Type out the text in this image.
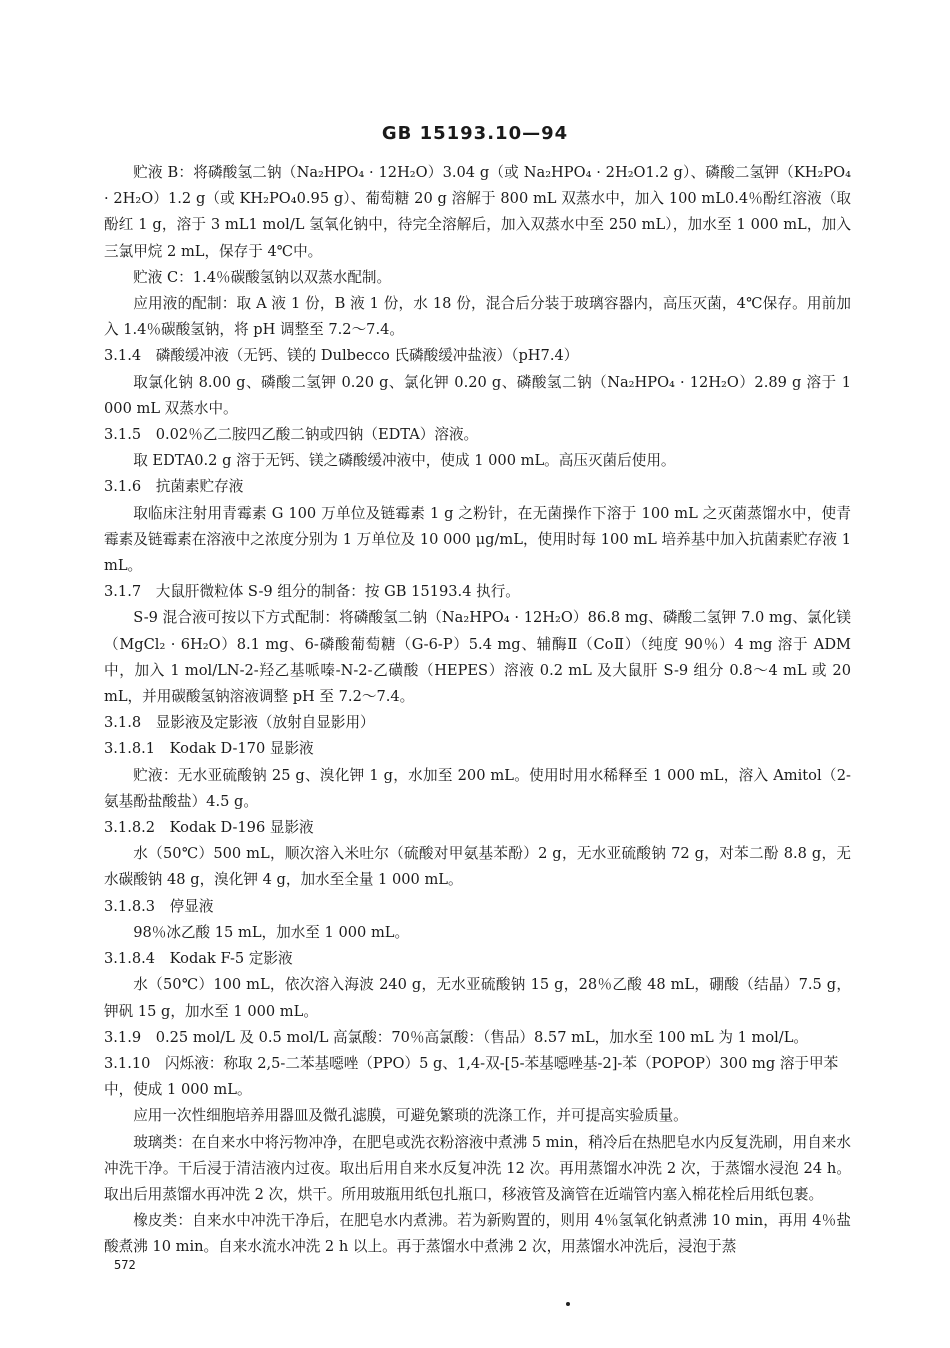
GB 15193.10—94

贮液 B：将磷酸氢二钠（Na₂HPO₄ · 12H₂O）3.04 g（或 Na₂HPO₄ · 2H₂O1.2 g）、磷酸二氢钾（KH₂PO₄ · 2H₂O）1.2 g（或 KH₂PO₄0.95 g）、葡萄糖 20 g 溶解于 800 mL 双蒸水中，加入 100 mL0.4％酚红溶液（取酚红 1 g，溶于 3 mL1 mol/L 氢氧化钠中，待完全溶解后，加入双蒸水中至 250 mL），加水至 1 000 mL，加入三氯甲烷 2 mL，保存于 4℃中。

贮液 C：1.4％碳酸氢钠以双蒸水配制。

应用液的配制：取 A 液 1 份，B 液 1 份，水 18 份，混合后分装于玻璃容器内，高压灭菌，4℃保存。用前加入 1.4％碳酸氢钠，将 pH 调整至 7.2～7.4。

3.1.4　磷酸缓冲液（无钙、镁的 Dulbecco 氏磷酸缓冲盐液）（pH7.4）

取氯化钠 8.00 g、磷酸二氢钾 0.20 g、氯化钾 0.20 g、磷酸氢二钠（Na₂HPO₄ · 12H₂O）2.89 g 溶于 1 000 mL 双蒸水中。

3.1.5　0.02％乙二胺四乙酸二钠或四钠（EDTA）溶液。

取 EDTA0.2 g 溶于无钙、镁之磷酸缓冲液中，使成 1 000 mL。高压灭菌后使用。

3.1.6　抗菌素贮存液

取临床注射用青霉素 G 100 万单位及链霉素 1 g 之粉针，在无菌操作下溶于 100 mL 之灭菌蒸馏水中，使青霉素及链霉素在溶液中之浓度分别为 1 万单位及 10 000 μg/mL，使用时每 100 mL 培养基中加入抗菌素贮存液 1 mL。

3.1.7　大鼠肝微粒体 S-9 组分的制备：按 GB 15193.4 执行。

S-9 混合液可按以下方式配制：将磷酸氢二钠（Na₂HPO₄ · 12H₂O）86.8 mg、磷酸二氢钾 7.0 mg、氯化镁（MgCl₂ · 6H₂O）8.1 mg、6-磷酸葡萄糖（G-6-P）5.4 mg、辅酶Ⅱ（CoⅡ）（纯度 90％）4 mg 溶于 ADM 中，加入 1 mol/LN-2-羟乙基哌嗪-N-2-乙磺酸（HEPES）溶液 0.2 mL 及大鼠肝 S-9 组分 0.8～4 mL 或 20 mL，并用碳酸氢钠溶液调整 pH 至 7.2～7.4。

3.1.8　显影液及定影液（放射自显影用）

3.1.8.1　Kodak D-170 显影液

贮液：无水亚硫酸钠 25 g、溴化钾 1 g，水加至 200 mL。使用时用水稀释至 1 000 mL，溶入 Amitol（2-氨基酚盐酸盐）4.5 g。

3.1.8.2　Kodak D-196 显影液

水（50℃）500 mL，顺次溶入米吐尔（硫酸对甲氨基苯酚）2 g，无水亚硫酸钠 72 g，对苯二酚 8.8 g，无水碳酸钠 48 g，溴化钾 4 g，加水至全量 1 000 mL。

3.1.8.3　停显液

98％冰乙酸 15 mL，加水至 1 000 mL。

3.1.8.4　Kodak F-5 定影液

水（50℃）100 mL，依次溶入海波 240 g，无水亚硫酸钠 15 g，28％乙酸 48 mL，硼酸（结晶）7.5 g，钾矾 15 g，加水至 1 000 mL。

3.1.9　0.25 mol/L 及 0.5 mol/L 高氯酸：70％高氯酸：（售品）8.57 mL，加水至 100 mL 为 1 mol/L。

3.1.10　闪烁液：称取 2,5-二苯基噁唑（PPO）5 g、1,4-双-[5-苯基噁唑基-2]-苯（POPOP）300 mg 溶于甲苯中，使成 1 000 mL。

应用一次性细胞培养用器皿及微孔滤膜，可避免繁琐的洗涤工作，并可提高实验质量。

玻璃类：在自来水中将污物冲净，在肥皂或洗衣粉溶液中煮沸 5 min，稍冷后在热肥皂水内反复洗刷，用自来水冲洗干净。干后浸于清洁液内过夜。取出后用自来水反复冲洗 12 次。再用蒸馏水冲洗 2 次，于蒸馏水浸泡 24 h。取出后用蒸馏水再冲洗 2 次，烘干。所用玻瓶用纸包扎瓶口，移液管及滴管在近端管内塞入棉花栓后用纸包裹。

橡皮类：自来水中冲洗干净后，在肥皂水内煮沸。若为新购置的，则用 4％氢氧化钠煮沸 10 min，再用 4％盐酸煮沸 10 min。自来水流水冲洗 2 h 以上。再于蒸馏水中煮沸 2 次，用蒸馏水冲洗后，浸泡于蒸

572
